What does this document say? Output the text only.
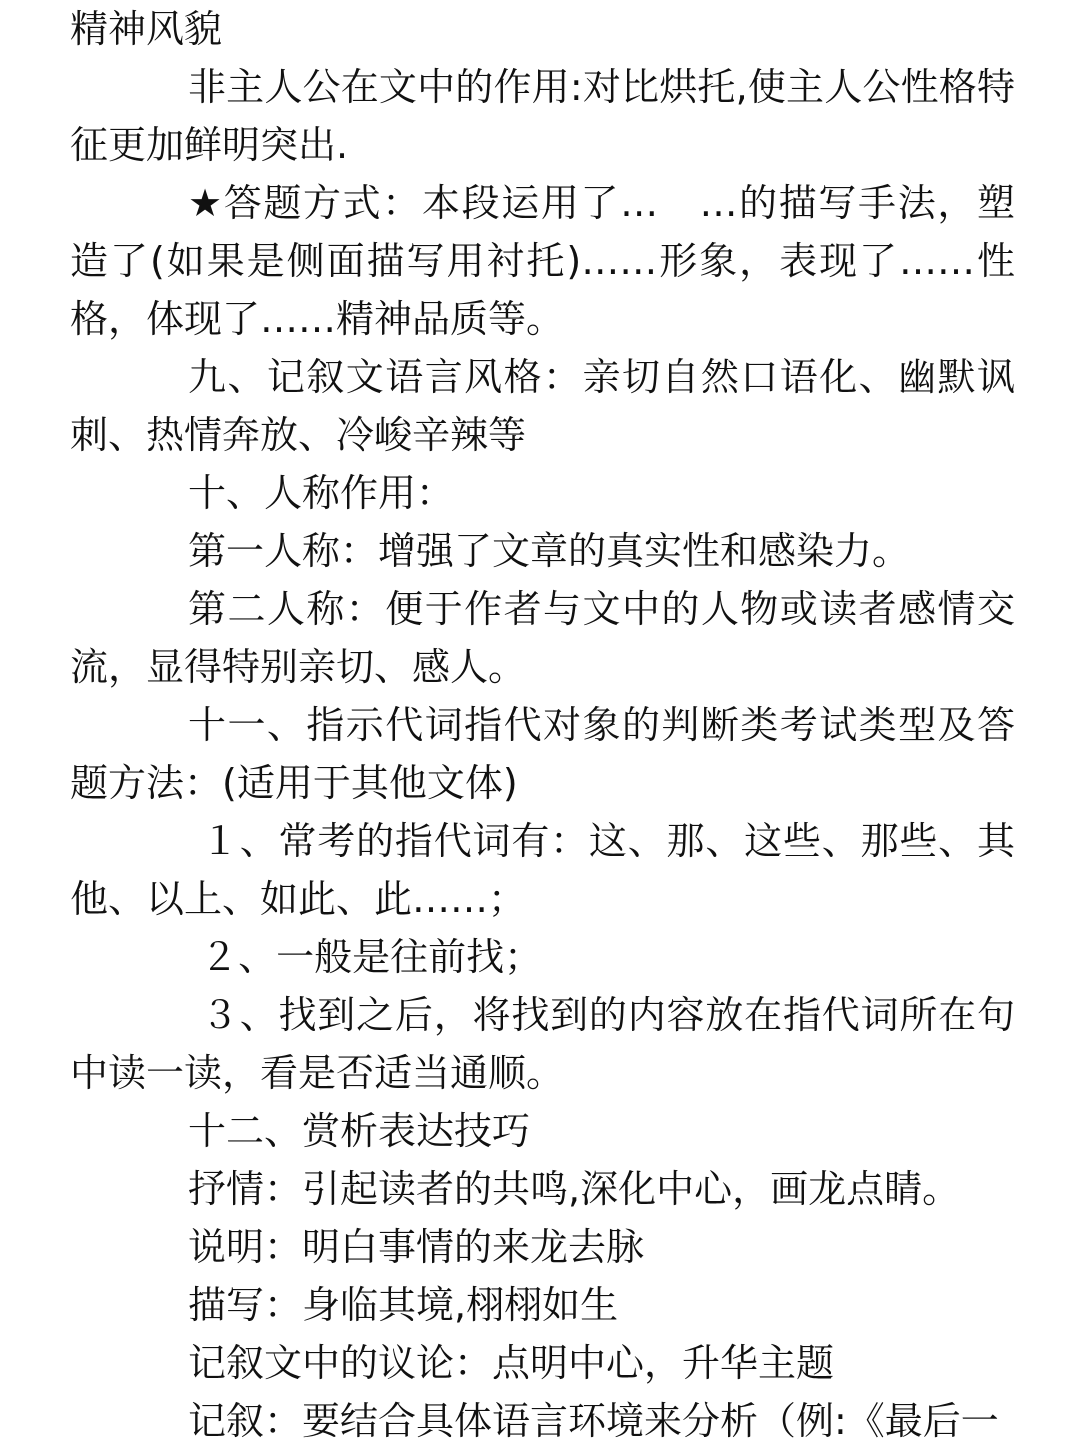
精神风貌

非主人公在文中的作用:对比烘托,使主人公性格特征更加鲜明突出.

★答题方式：本段运用了…　…的描写手法，塑造了(如果是侧面描写用衬托)……形象，表现了……性格，体现了……精神品质等。

九、记叙文语言风格：亲切自然口语化、幽默讽刺、热情奔放、冷峻辛辣等

十、人称作用：

第一人称：增强了文章的真实性和感染力。

第二人称：便于作者与文中的人物或读者感情交流，显得特别亲切、感人。

十一、指示代词指代对象的判断类考试类型及答题方法：(适用于其他文体)

１、常考的指代词有：这、那、这些、那些、其他、以上、如此、此……；

２、一般是往前找；

３、找到之后，将找到的内容放在指代词所在句中读一读，看是否适当通顺。

十二、赏析表达技巧

抒情：引起读者的共鸣,深化中心，画龙点睛。

说明：明白事情的来龙去脉

描写：身临其境,栩栩如生

记叙文中的议论：点明中心，升华主题

记叙：要结合具体语言环境来分析（例:《最后一
